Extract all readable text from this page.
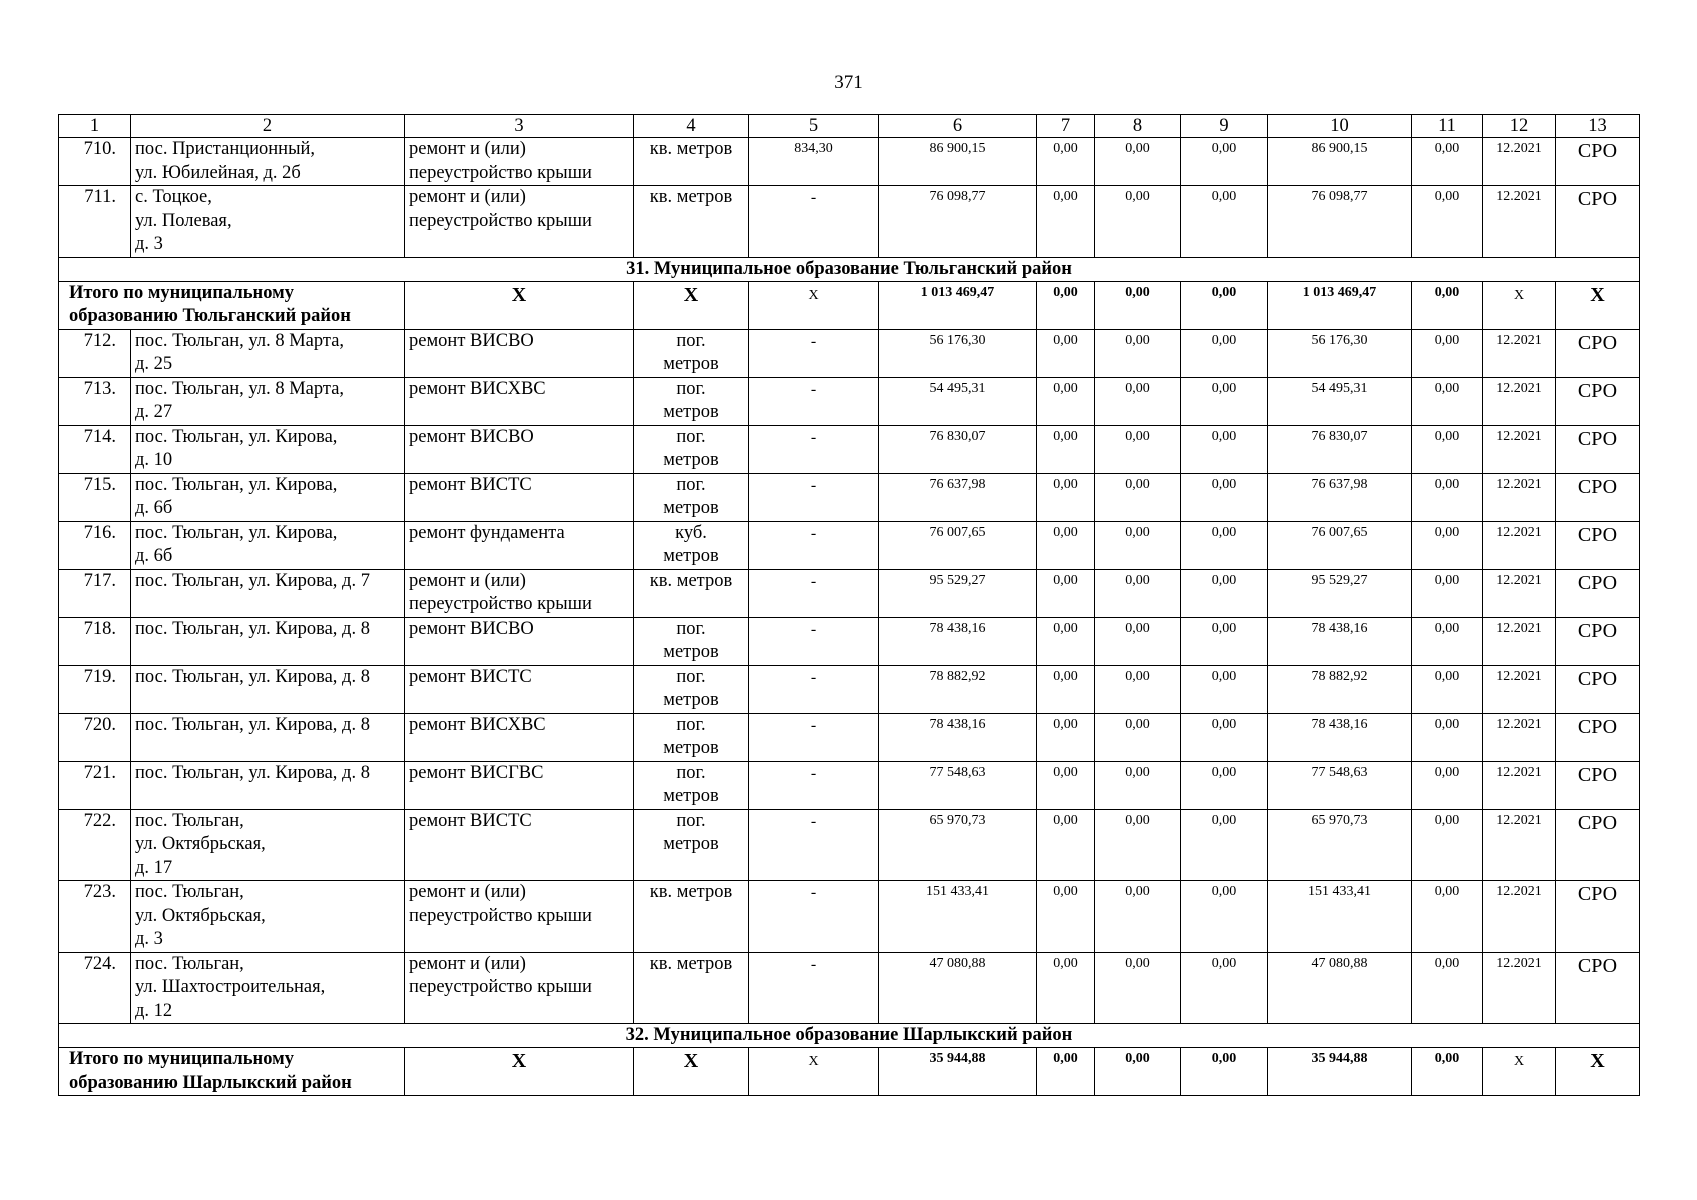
371
1	2	3	4	5	6	7	8	9	10	11	12	13
710.	пос. Пристанционный,
ул. Юбилейная, д. 2б	ремонт и (или)
переустройство крыши	кв. метров	834,30	86 900,15	0,00	0,00	0,00	86 900,15	0,00	12.2021	СРО
711.	с. Тоцкое,
ул. Полевая,
д. 3	ремонт и (или)
переустройство крыши	кв. метров	-	76 098,77	0,00	0,00	0,00	76 098,77	0,00	12.2021	СРО
31. Муниципальное образование Тюльганский район												
Итого по муниципальному
образованию Тюльганский район		Х	Х	Х	1 013 469,47	0,00	0,00	0,00	1 013 469,47	0,00	Х	Х
712.	пос. Тюльган, ул. 8 Марта,
д. 25	ремонт ВИСВО	пог.
метров	-	56 176,30	0,00	0,00	0,00	56 176,30	0,00	12.2021	СРО
713.	пос. Тюльган, ул. 8 Марта,
д. 27	ремонт ВИСХВС	пог.
метров	-	54 495,31	0,00	0,00	0,00	54 495,31	0,00	12.2021	СРО
714.	пос. Тюльган, ул. Кирова,
д. 10	ремонт ВИСВО	пог.
метров	-	76 830,07	0,00	0,00	0,00	76 830,07	0,00	12.2021	СРО
715.	пос. Тюльган, ул. Кирова,
д. 6б	ремонт ВИСТС	пог.
метров	-	76 637,98	0,00	0,00	0,00	76 637,98	0,00	12.2021	СРО
716.	пос. Тюльган, ул. Кирова,
д. 6б	ремонт фундамента	куб.
метров	-	76 007,65	0,00	0,00	0,00	76 007,65	0,00	12.2021	СРО
717.	пос. Тюльган, ул. Кирова, д. 7	ремонт и (или)
переустройство крыши	кв. метров	-	95 529,27	0,00	0,00	0,00	95 529,27	0,00	12.2021	СРО
718.	пос. Тюльган, ул. Кирова, д. 8	ремонт ВИСВО	пог.
метров	-	78 438,16	0,00	0,00	0,00	78 438,16	0,00	12.2021	СРО
719.	пос. Тюльган, ул. Кирова, д. 8	ремонт ВИСТС	пог.
метров	-	78 882,92	0,00	0,00	0,00	78 882,92	0,00	12.2021	СРО
720.	пос. Тюльган, ул. Кирова, д. 8	ремонт ВИСХВС	пог.
метров	-	78 438,16	0,00	0,00	0,00	78 438,16	0,00	12.2021	СРО
721.	пос. Тюльган, ул. Кирова, д. 8	ремонт ВИСГВС	пог.
метров	-	77 548,63	0,00	0,00	0,00	77 548,63	0,00	12.2021	СРО
722.	пос. Тюльган,
ул. Октябрьская,
д. 17	ремонт ВИСТС	пог.
метров	-	65 970,73	0,00	0,00	0,00	65 970,73	0,00	12.2021	СРО
723.	пос. Тюльган,
ул. Октябрьская,
д. 3	ремонт и (или)
переустройство крыши	кв. метров	-	151 433,41	0,00	0,00	0,00	151 433,41	0,00	12.2021	СРО
724.	пос. Тюльган,
ул. Шахтостроительная,
д. 12	ремонт и (или)
переустройство крыши	кв. метров	-	47 080,88	0,00	0,00	0,00	47 080,88	0,00	12.2021	СРО
32. Муниципальное образование Шарлыкский район												
Итого по муниципальному
образованию Шарлыкский район		Х	Х	Х	35 944,88	0,00	0,00	0,00	35 944,88	0,00	Х	Х
